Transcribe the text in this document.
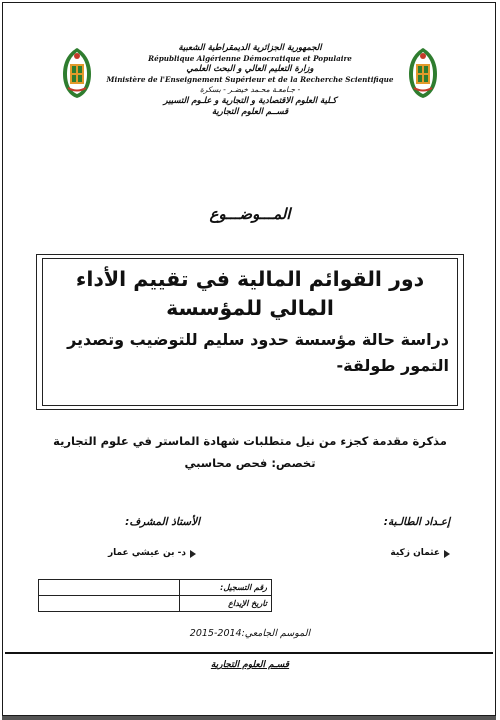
الجمهورية الجزائرية الديمقراطية الشعبية
République Algérienne Démocratique et Populaire
وزارة التعليم العالي و البحث العلمي
Ministère de l'Enseignement Supérieur et de la Recherche Scientifique
جـامعـة محـمد خيضـر - بسكرة -
كـلية العلوم الاقتصادية و التجارية و علـوم التسيير
قســم العلوم التجارية
المـــوضـــوع
دور القوائم المالية في تقييم الأداء المالي للمؤسسة
دراسة حالة مؤسسة حدود سليم للتوضيب وتصدير التمور طولقة-
مذكرة مقدمة كجزء من نيل متطلبات شهادة الماستر في علوم التجارية
تخصص: فحص محاسبي
إعـداد الطالـبة:
الأستاذ المشرف:
عثمان زكية
د- بن عيشي عمار
رقم التسجيل:
تاريخ الإيداع
الموسم الجامعي:2014-2015
قسـم العلوم التجارية
